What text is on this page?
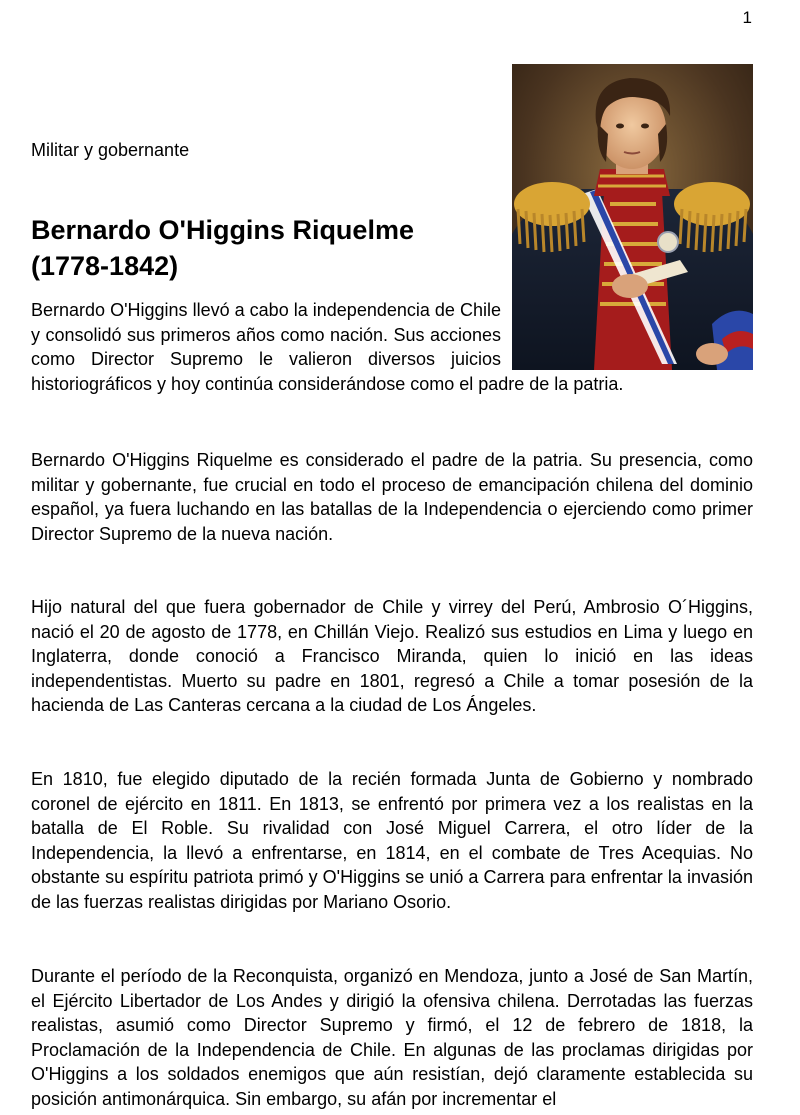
1
Militar y gobernante
Bernardo O'Higgins Riquelme
(1778-1842)
Bernardo O'Higgins llevó a cabo la independencia de Chile y consolidó sus primeros años como nación. Sus acciones como Director Supremo le valieron diversos juicios historiográficos y hoy continúa considerándose como el padre de la patria.

Bernardo O'Higgins Riquelme es considerado el padre de la patria. Su presencia, como militar y gobernante, fue crucial en todo el proceso de emancipación chilena del dominio español, ya fuera luchando en las batallas de la Independencia o ejerciendo como primer Director Supremo de la nueva nación.

Hijo natural del que fuera gobernador de Chile y virrey del Perú, Ambrosio O´Higgins, nació el 20 de agosto de 1778, en Chillán Viejo. Realizó sus estudios en Lima y luego en Inglaterra, donde conoció a Francisco Miranda, quien lo inició en las ideas independentistas. Muerto su padre en 1801, regresó a Chile a tomar posesión de la hacienda de Las Canteras cercana a la ciudad de Los Ángeles.

En 1810, fue elegido diputado de la recién formada Junta de Gobierno y nombrado coronel de ejército en 1811. En 1813, se enfrentó por primera vez a los realistas en la batalla de El Roble. Su rivalidad con José Miguel Carrera, el otro líder de la Independencia, la llevó a enfrentarse, en 1814, en el combate de Tres Acequias. No obstante su espíritu patriota primó y O'Higgins se unió a Carrera para enfrentar la invasión de las fuerzas realistas dirigidas por Mariano Osorio.

Durante el período de la Reconquista, organizó en Mendoza, junto a José de San Martín, el Ejército Libertador de Los Andes y dirigió la ofensiva chilena. Derrotadas las fuerzas realistas, asumió como Director Supremo y firmó, el 12 de febrero de 1818, la Proclamación de la Independencia de Chile. En algunas de las proclamas dirigidas por O'Higgins a los soldados enemigos que aún resistían, dejó claramente establecida su posición antimonárquica. Sin embargo, su afán por incrementar el
